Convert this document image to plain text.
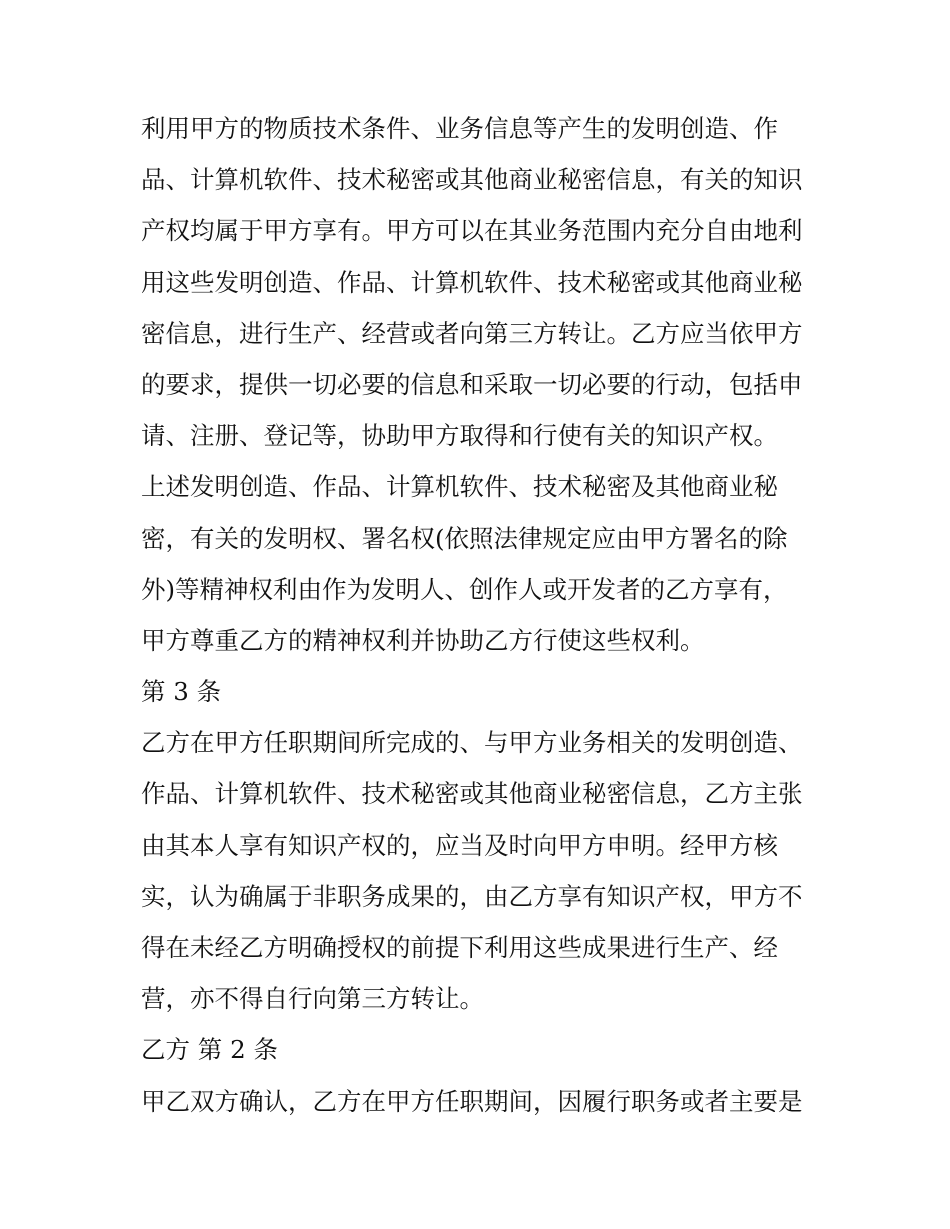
利用甲方的物质技术条件、业务信息等产生的发明创造、作
品、计算机软件、技术秘密或其他商业秘密信息，有关的知识
产权均属于甲方享有。甲方可以在其业务范围内充分自由地利
用这些发明创造、作品、计算机软件、技术秘密或其他商业秘
密信息，进行生产、经营或者向第三方转让。乙方应当依甲方
的要求，提供一切必要的信息和采取一切必要的行动，包括申
请、注册、登记等，协助甲方取得和行使有关的知识产权。
上述发明创造、作品、计算机软件、技术秘密及其他商业秘
密，有关的发明权、署名权(依照法律规定应由甲方署名的除
外)等精神权利由作为发明人、创作人或开发者的乙方享有，
甲方尊重乙方的精神权利并协助乙方行使这些权利。
第 3 条
乙方在甲方任职期间所完成的、与甲方业务相关的发明创造、
作品、计算机软件、技术秘密或其他商业秘密信息，乙方主张
由其本人享有知识产权的，应当及时向甲方申明。经甲方核
实，认为确属于非职务成果的，由乙方享有知识产权，甲方不
得在未经乙方明确授权的前提下利用这些成果进行生产、经
营，亦不得自行向第三方转让。
乙方 第 2 条
甲乙双方确认，乙方在甲方任职期间，因履行职务或者主要是
